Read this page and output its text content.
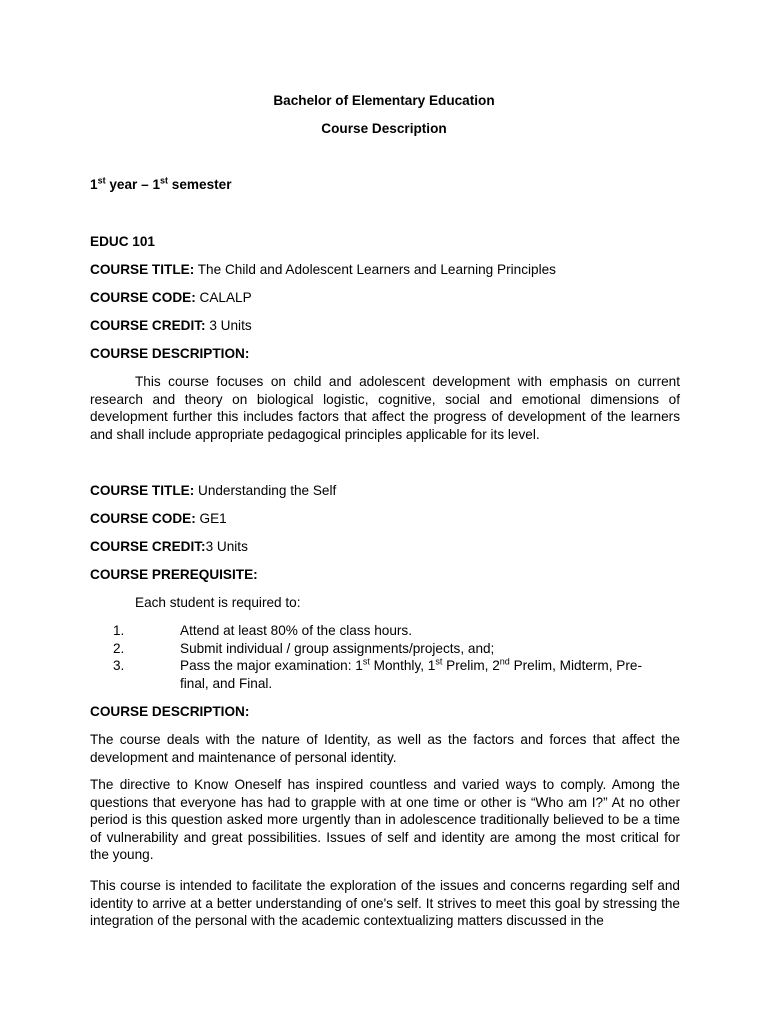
Bachelor of Elementary Education

Course Description

1st year – 1st semester

EDUC 101

COURSE TITLE: The Child and Adolescent Learners and Learning Principles

COURSE CODE: CALALP

COURSE CREDIT: 3 Units

COURSE DESCRIPTION:

This course focuses on child and adolescent development with emphasis on current research and theory on biological logistic, cognitive, social and emotional dimensions of development further this includes factors that affect the progress of development of the learners and shall include appropriate pedagogical principles applicable for its level.

COURSE TITLE: Understanding the Self

COURSE CODE: GE1

COURSE CREDIT:3 Units

COURSE PREREQUISITE:

Each student is required to:

1.	Attend at least 80% of the class hours.
2.	Submit individual / group assignments/projects, and;
3.	Pass the major examination: 1st Monthly, 1st Prelim, 2nd Prelim, Midterm, Pre-final, and Final.

COURSE DESCRIPTION:

The course deals with the nature of Identity, as well as the factors and forces that affect the development and maintenance of personal identity.

The directive to Know Oneself has inspired countless and varied ways to comply. Among the questions that everyone has had to grapple with at one time or other is “Who am I?” At no other period is this question asked more urgently than in adolescence traditionally believed to be a time of vulnerability and great possibilities. Issues of self and identity are among the most critical for the young.

This course is intended to facilitate the exploration of the issues and concerns regarding self and identity to arrive at a better understanding of one's self. It strives to meet this goal by stressing the integration of the personal with the academic contextualizing matters discussed in the
